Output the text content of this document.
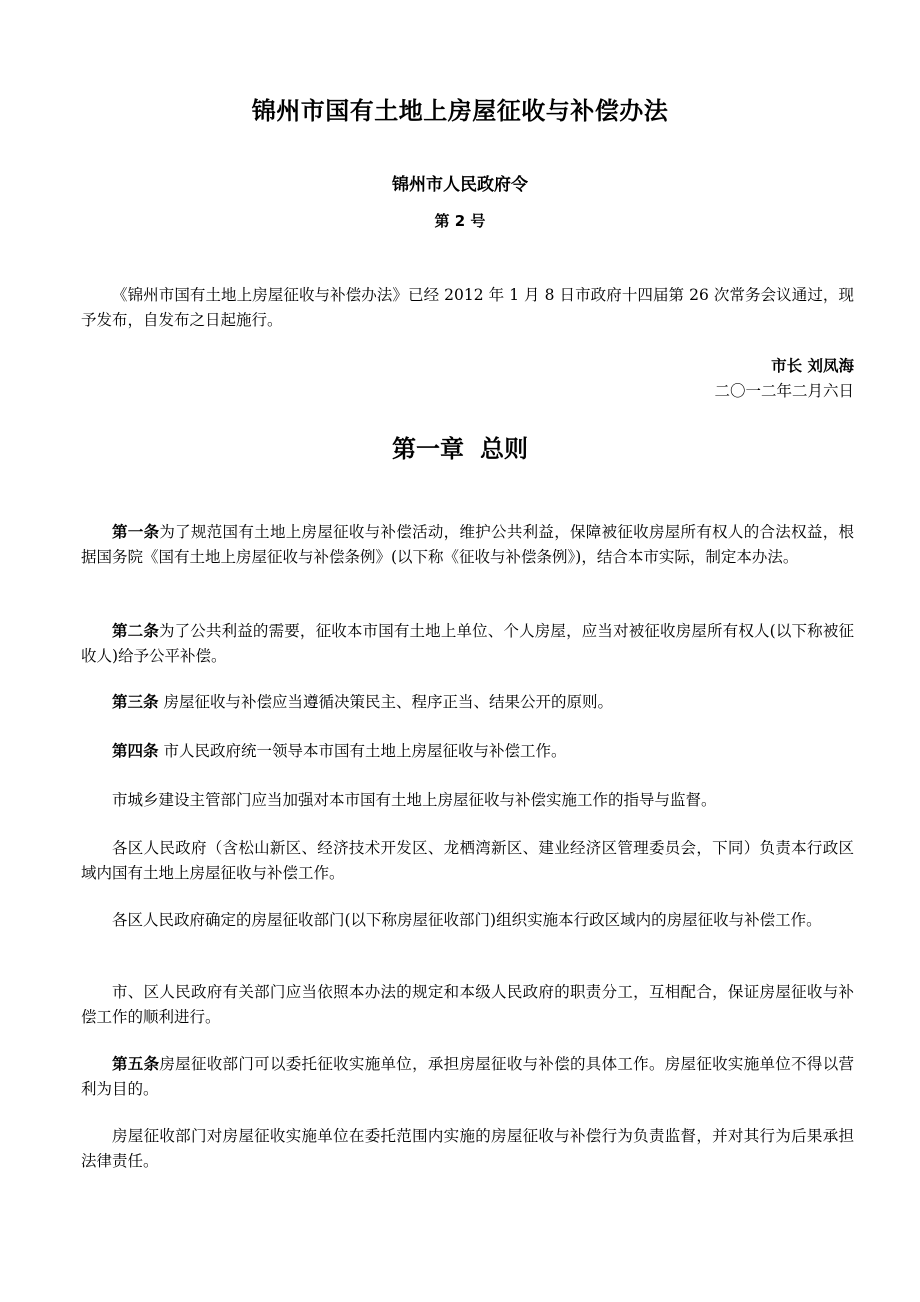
锦州市国有土地上房屋征收与补偿办法
锦州市人民政府令
第 2 号

《锦州市国有土地上房屋征收与补偿办法》已经 2012 年 1 月 8 日市政府十四届第 26 次常务会议通过，现予发布，自发布之日起施行。

市长 刘凤海
二〇一二年二月六日
第一章 总则

第一条为了规范国有土地上房屋征收与补偿活动，维护公共利益，保障被征收房屋所有权人的合法权益，根据国务院《国有土地上房屋征收与补偿条例》(以下称《征收与补偿条例》)，结合本市实际，制定本办法。

第二条为了公共利益的需要，征收本市国有土地上单位、个人房屋，应当对被征收房屋所有权人(以下称被征收人)给予公平补偿。

第三条 房屋征收与补偿应当遵循决策民主、程序正当、结果公开的原则。

第四条 市人民政府统一领导本市国有土地上房屋征收与补偿工作。

市城乡建设主管部门应当加强对本市国有土地上房屋征收与补偿实施工作的指导与监督。

各区人民政府（含松山新区、经济技术开发区、龙栖湾新区、建业经济区管理委员会，下同）负责本行政区域内国有土地上房屋征收与补偿工作。

各区人民政府确定的房屋征收部门(以下称房屋征收部门)组织实施本行政区域内的房屋征收与补偿工作。

市、区人民政府有关部门应当依照本办法的规定和本级人民政府的职责分工，互相配合，保证房屋征收与补偿工作的顺利进行。

第五条房屋征收部门可以委托征收实施单位，承担房屋征收与补偿的具体工作。房屋征收实施单位不得以营利为目的。

房屋征收部门对房屋征收实施单位在委托范围内实施的房屋征收与补偿行为负责监督，并对其行为后果承担法律责任。
